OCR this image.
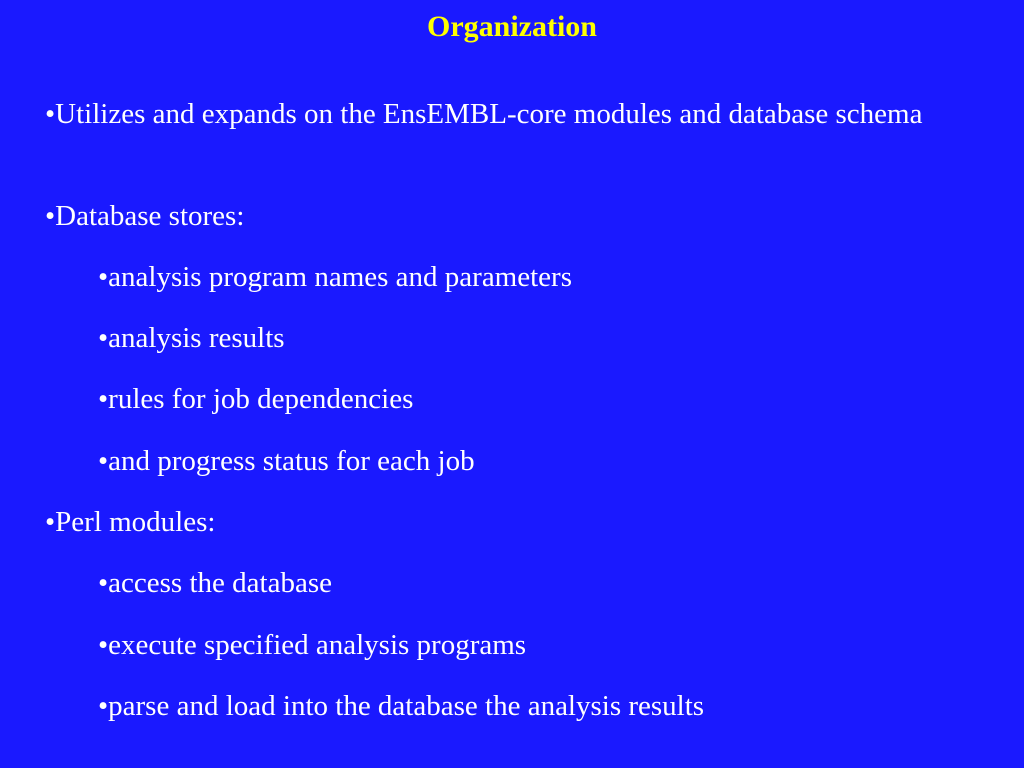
Organization
•Utilizes and expands on the EnsEMBL-core modules and database schema
•Database stores:
•analysis program names and parameters
•analysis results
•rules for job dependencies
•and progress status for each job
•Perl modules:
•access the database
•execute specified analysis programs
•parse and load into the database the analysis results
